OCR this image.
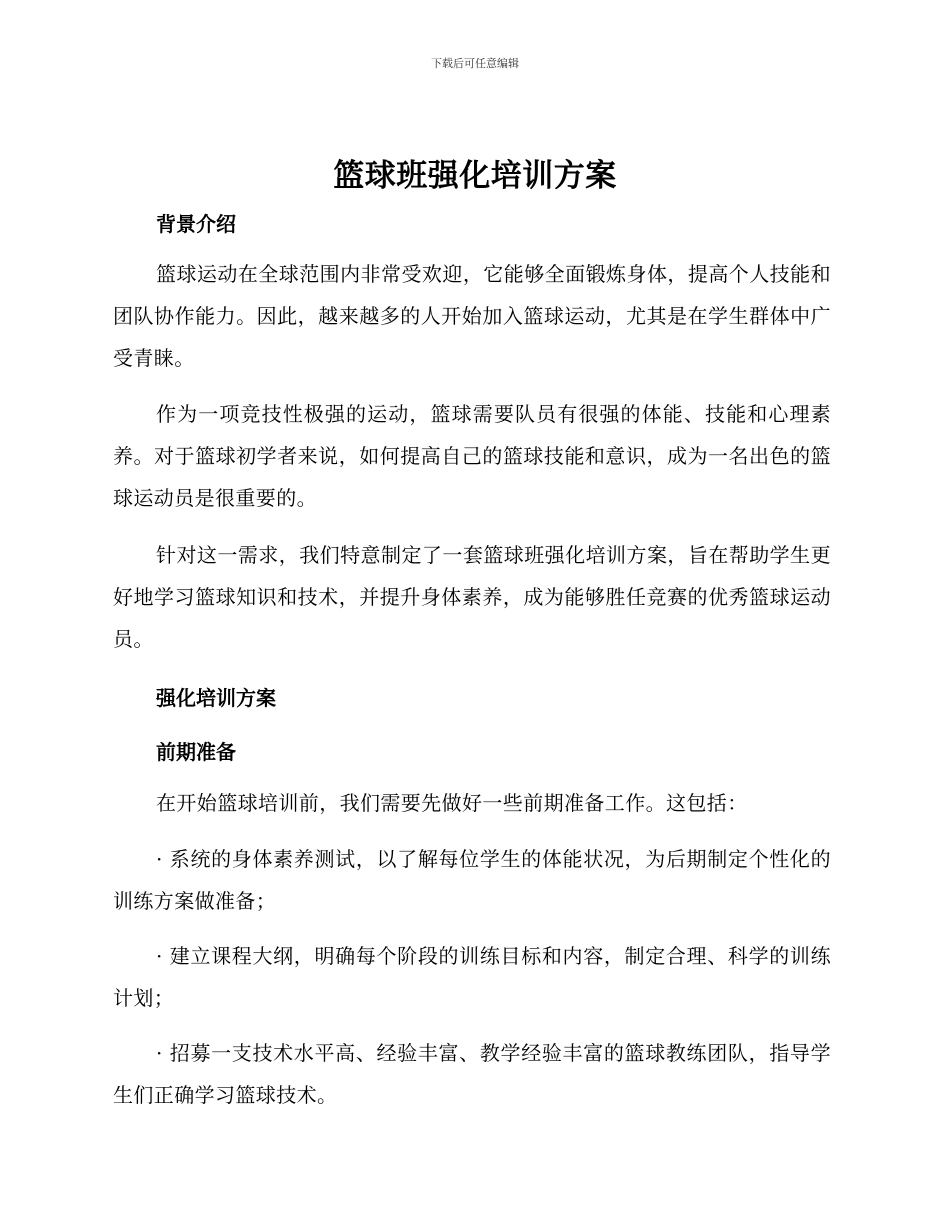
下载后可任意编辑
篮球班强化培训方案
背景介绍
篮球运动在全球范围内非常受欢迎，它能够全面锻炼身体，提高个人技能和团队协作能力。因此，越来越多的人开始加入篮球运动，尤其是在学生群体中广受青睐。
作为一项竞技性极强的运动，篮球需要队员有很强的体能、技能和心理素养。对于篮球初学者来说，如何提高自己的篮球技能和意识，成为一名出色的篮球运动员是很重要的。
针对这一需求，我们特意制定了一套篮球班强化培训方案，旨在帮助学生更好地学习篮球知识和技术，并提升身体素养，成为能够胜任竞赛的优秀篮球运动员。
强化培训方案
前期准备
在开始篮球培训前，我们需要先做好一些前期准备工作。这包括：
· 系统的身体素养测试，以了解每位学生的体能状况，为后期制定个性化的训练方案做准备；
· 建立课程大纲，明确每个阶段的训练目标和内容，制定合理、科学的训练计划；
· 招募一支技术水平高、经验丰富、教学经验丰富的篮球教练团队，指导学生们正确学习篮球技术。
